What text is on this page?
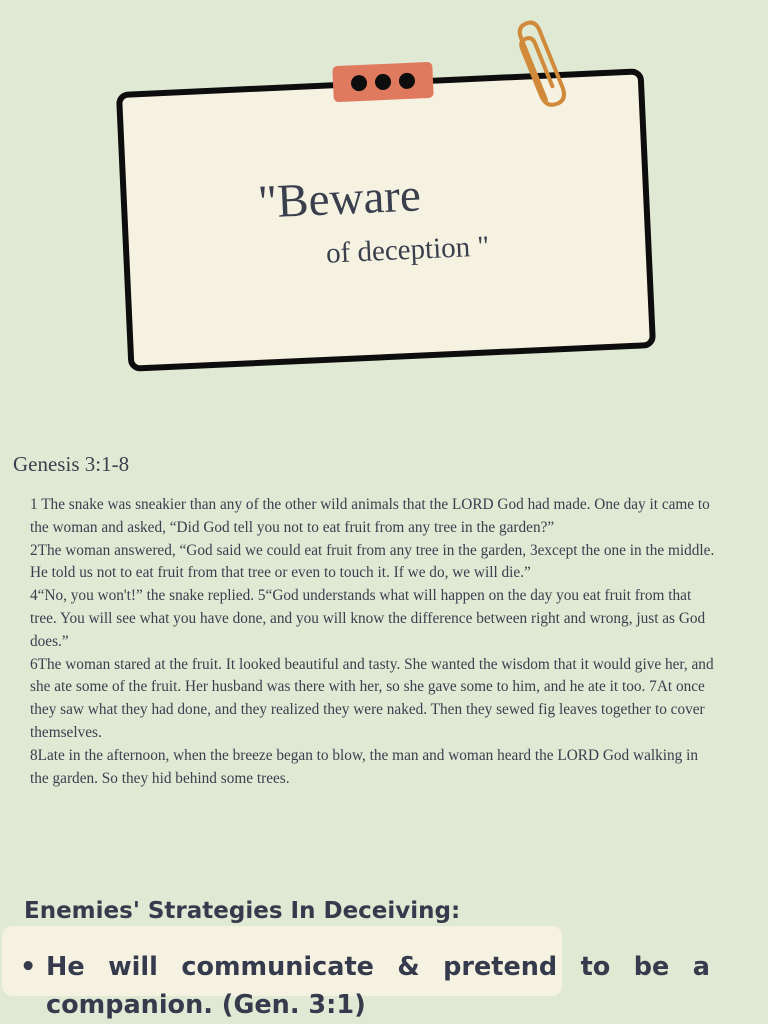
"Beware
of deception "
Genesis 3:1-8

1 The snake was sneakier than any of the other wild animals that the LORD God had made. One day it came to the woman and asked, “Did God tell you not to eat fruit from any tree in the garden?”

2The woman answered, “God said we could eat fruit from any tree in the garden, 3except the one in the middle. He told us not to eat fruit from that tree or even to touch it. If we do, we will die.”

4“No, you won't!” the snake replied. 5“God understands what will happen on the day you eat fruit from that tree. You will see what you have done, and you will know the difference between right and wrong, just as God does.”

6The woman stared at the fruit. It looked beautiful and tasty. She wanted the wisdom that it would give her, and she ate some of the fruit. Her husband was there with her, so she gave some to him, and he ate it too. 7At once they saw what they had done, and they realized they were naked. Then they sewed fig leaves together to cover themselves.

8Late in the afternoon, when the breeze began to blow, the man and woman heard the LORD God walking in the garden. So they hid behind some trees.

Enemies' Strategies In Deceiving:
• He will communicate & pretend to be a companion. (Gen. 3:1)
